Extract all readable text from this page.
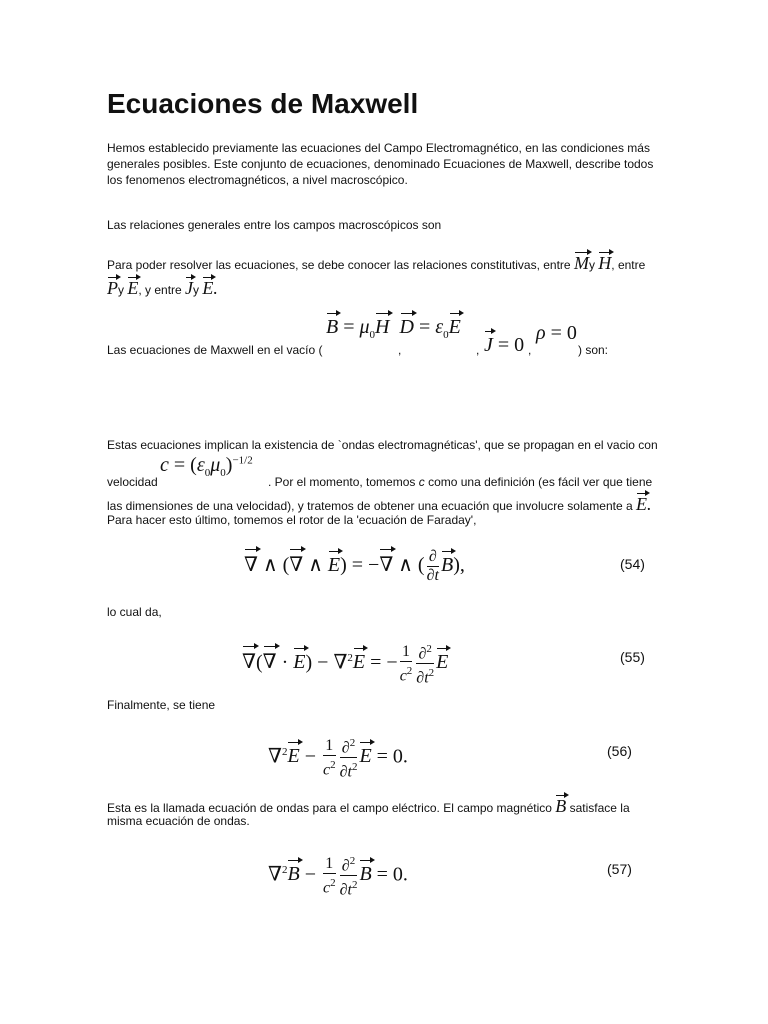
Ecuaciones de Maxwell
Hemos establecido previamente las ecuaciones del Campo Electromagnético, en las condiciones más
generales posibles. Este conjunto de ecuaciones, denominado Ecuaciones de Maxwell, describe todos
los fenomenos electromagnéticos, a nivel macroscópico.
Las relaciones generales entre los campos macroscópicos son
Para poder resolver las ecuaciones, se debe conocer las relaciones constitutivas, entre My H, entre
Py E, y entre Jy E.
$B = \mu_0H$ $D = \varepsilon_0E$	ρ = 0
Las ecuaciones de Maxwell en el vacío (	,	, J = 0 ,	) son:
Estas ecuaciones implican la existencia de `ondas electromagnéticas', que se propagan en el vacio con
$c = (\varepsilon_0\mu_0)^{-1/2}$
velocidad	. Por el momento, tomemos c como una definición (es fácil ver que tiene
las dimensiones de una velocidad), y tratemos de obtener una ecuación que involucre solamente a E.
Para hacer esto último, tomemos el rotor de la 'ecuación de Faraday',
∇ ∧ (∇ ∧ E) = −∇ ∧ ( $\frac{\partial}{\partial t} B$),	(54)
lo cual da,
∇(∇ · E) − ∇$^2$E = − $\frac{1}{c^2} \frac{\partial^2}{\partial t^2}$ E	(55)
Finalmente, se tiene
$\nabla^2E - \frac{1}{c^2} \frac{\partial^2}{\partial t^2}$ E = 0.	(56)
Esta es la llamada ecuación de ondas para el campo eléctrico. El campo magnético B satisface la
misma ecuación de ondas.
$\nabla^2B - \frac{1}{c^2} \frac{\partial^2}{\partial t^2}$ B = 0.	(57)
